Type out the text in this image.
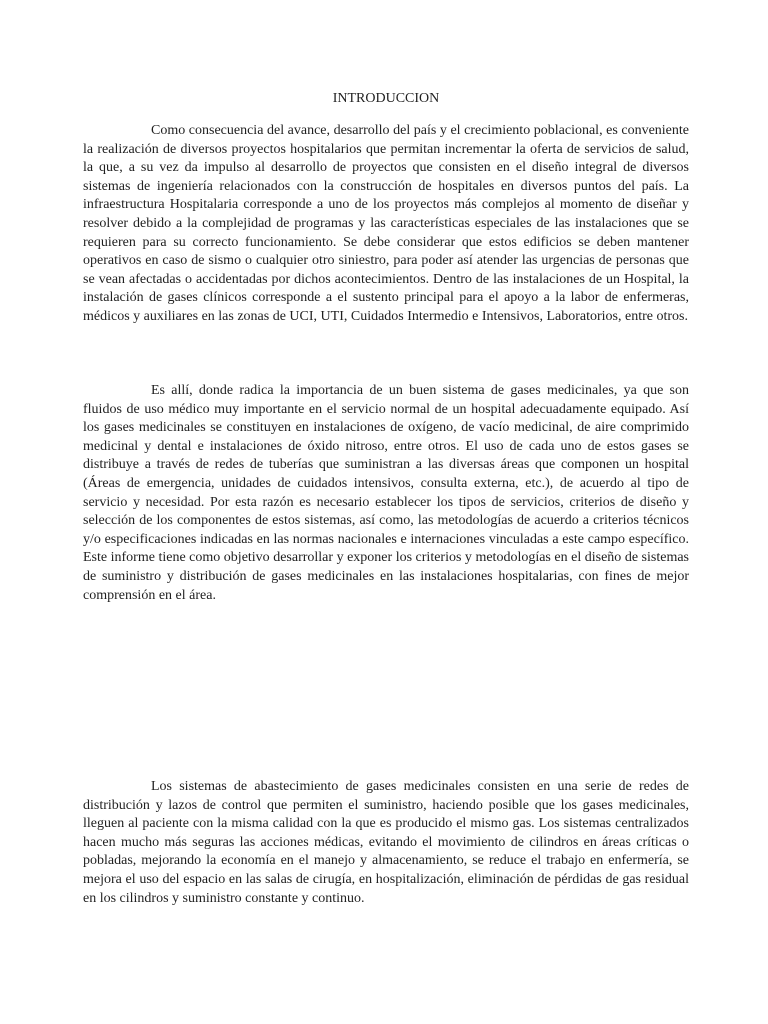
INTRODUCCION

Como consecuencia del avance, desarrollo del país y el crecimiento poblacional, es conveniente la realización de diversos proyectos hospitalarios que permitan incrementar la oferta de servicios de salud, la que, a su vez da impulso al desarrollo de proyectos que consisten en el diseño integral de diversos sistemas de ingeniería relacionados con la construcción de hospitales en diversos puntos del país. La infraestructura Hospitalaria corresponde a uno de los proyectos más complejos al momento de diseñar y resolver debido a la complejidad de programas y las características especiales de las instalaciones que se requieren para su correcto funcionamiento. Se debe considerar que estos edificios se deben mantener operativos en caso de sismo o cualquier otro siniestro, para poder así atender las urgencias de personas que se vean afectadas o accidentadas por dichos acontecimientos. Dentro de las instalaciones de un Hospital, la instalación de gases clínicos corresponde a el sustento principal para el apoyo a la labor de enfermeras, médicos y auxiliares en las zonas de UCI, UTI, Cuidados Intermedio e Intensivos, Laboratorios, entre otros.

Es allí, donde radica la importancia de un buen sistema de gases medicinales, ya que son fluidos de uso médico muy importante en el servicio normal de un hospital adecuadamente equipado. Así los gases medicinales se constituyen en instalaciones de oxígeno, de vacío medicinal, de aire comprimido medicinal y dental e instalaciones de óxido nitroso, entre otros. El uso de cada uno de estos gases se distribuye a través de redes de tuberías que suministran a las diversas áreas que componen un hospital (Áreas de emergencia, unidades de cuidados intensivos, consulta externa, etc.), de acuerdo al tipo de servicio y necesidad. Por esta razón es necesario establecer los tipos de servicios, criterios de diseño y selección de los componentes de estos sistemas, así como, las metodologías de acuerdo a criterios técnicos y/o especificaciones indicadas en las normas nacionales e internaciones vinculadas a este campo específico. Este informe tiene como objetivo desarrollar y exponer los criterios y metodologías en el diseño de sistemas de suministro y distribución de gases medicinales en las instalaciones hospitalarias, con fines de mejor comprensión en el área.

Los sistemas de abastecimiento de gases medicinales consisten en una serie de redes de distribución y lazos de control que permiten el suministro, haciendo posible que los gases medicinales, lleguen al paciente con la misma calidad con la que es producido el mismo gas. Los sistemas centralizados hacen mucho más seguras las acciones médicas, evitando el movimiento de cilindros en áreas críticas o pobladas, mejorando la economía en el manejo y almacenamiento, se reduce el trabajo en enfermería, se mejora el uso del espacio en las salas de cirugía, en hospitalización, eliminación de pérdidas de gas residual en los cilindros y suministro constante y continuo.
